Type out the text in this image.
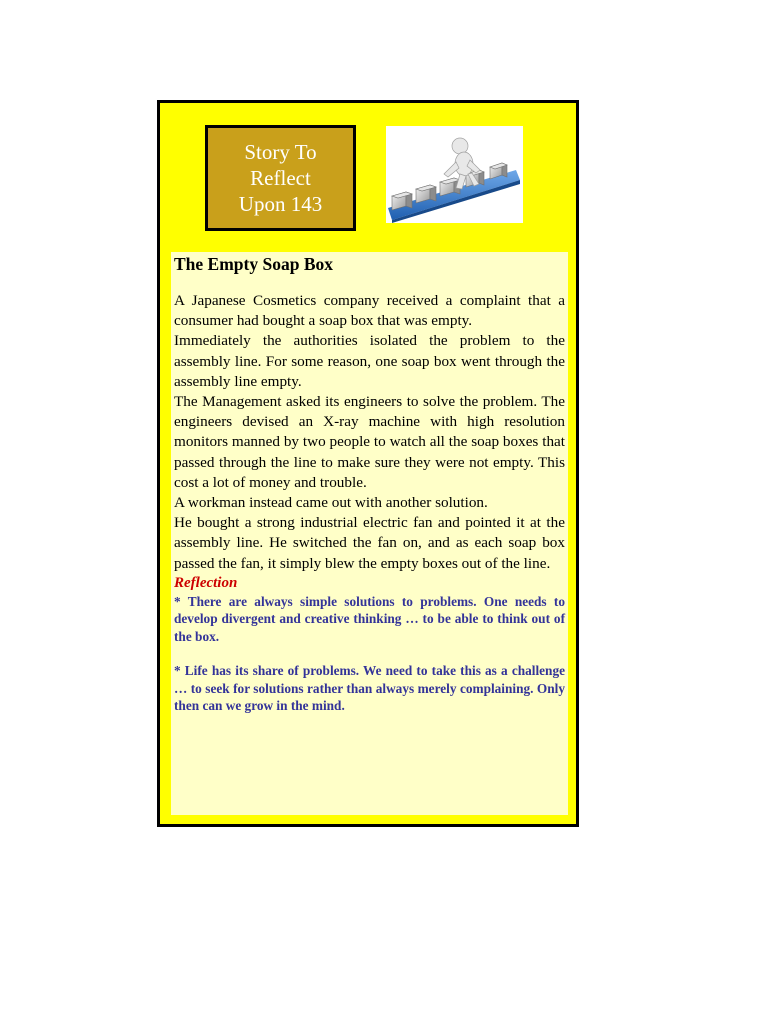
Story To
Reflect
Upon 143
The Empty Soap Box

A Japanese Cosmetics company received a complaint that a consumer had bought a soap box that was empty.

Immediately the authorities isolated the problem to the assembly line. For some reason, one soap box went through the assembly line empty.

The Management asked its engineers to solve the problem. The engineers devised an X-ray machine with high resolution monitors manned by two people to watch all the soap boxes that passed through the line to make sure they were not empty. This cost a lot of money and trouble.

A workman instead came out with another solution.

He bought a strong industrial electric fan and pointed it at the assembly line. He switched the fan on, and as each soap box passed the fan, it simply blew the empty boxes out of the line.

Reflection

* There are always simple solutions to problems. One needs to develop divergent and creative thinking … to be able to think out of the box.

* Life has its share of problems. We need to take this as a challenge … to seek for solutions rather than always merely complaining. Only then can we grow in the mind.
